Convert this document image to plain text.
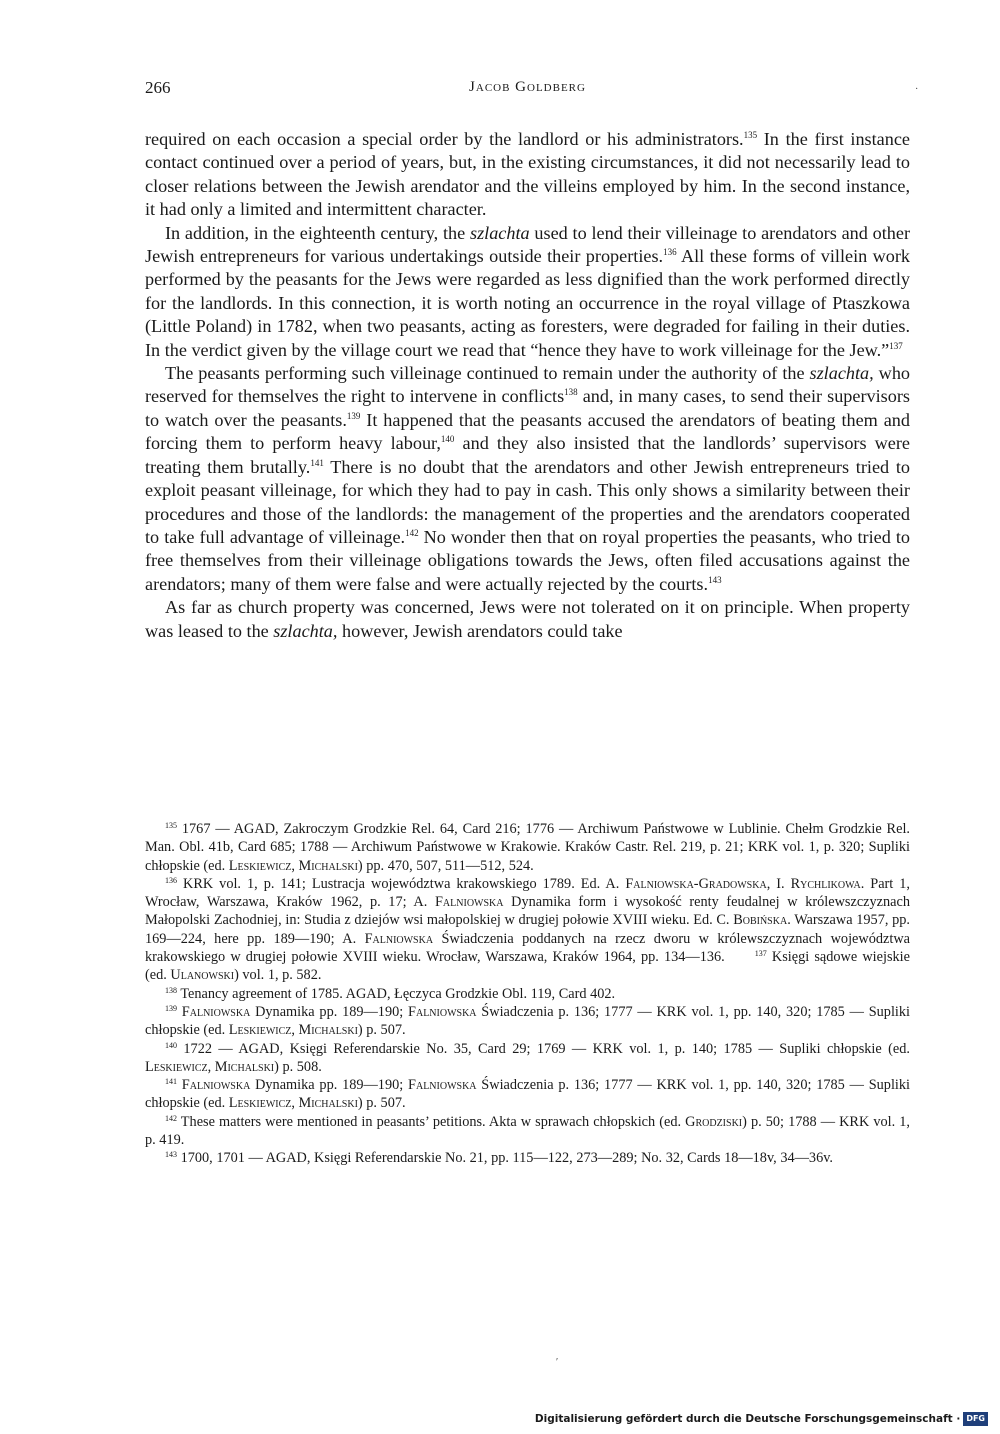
266	Jacob Goldberg	·

required on each occasion a special order by the landlord or his administrators.$^{135}$ In the first instance contact continued over a period of years, but, in the existing circumstances, it did not necessarily lead to closer relations between the Jewish arendator and the villeins employed by him. In the second instance, it had only a limited and intermittent character.

In addition, in the eighteenth century, the szlachta used to lend their villeinage to arendators and other Jewish entrepreneurs for various undertakings outside their properties.$^{136}$ All these forms of villein work performed by the peasants for the Jews were regarded as less dignified than the work performed directly for the landlords. In this connection, it is worth noting an occurrence in the royal village of Ptaszkowa (Little Poland) in 1782, when two peasants, acting as foresters, were degraded for failing in their duties. In the verdict given by the village court we read that “hence they have to work villeinage for the Jew.”$^{137}$

The peasants performing such villeinage continued to remain under the authority of the szlachta, who reserved for themselves the right to intervene in conflicts$^{138}$ and, in many cases, to send their supervisors to watch over the peasants.$^{139}$ It happened that the peasants accused the arendators of beating them and forcing them to perform heavy labour,$^{140}$ and they also insisted that the landlords’ supervisors were treating them brutally.$^{141}$ There is no doubt that the arendators and other Jewish entrepreneurs tried to exploit peasant villeinage, for which they had to pay in cash. This only shows a similarity between their procedures and those of the landlords: the management of the properties and the arendators cooperated to take full advantage of villeinage.$^{142}$ No wonder then that on royal properties the peasants, who tried to free themselves from their villeinage obligations towards the Jews, often filed accusations against the arendators; many of them were false and were actually rejected by the courts.$^{143}$

As far as church property was concerned, Jews were not tolerated on it on principle. When property was leased to the szlachta, however, Jewish arendators could take

$^{135}$ 1767 — AGAD, Zakroczym Grodzkie Rel. 64, Card 216; 1776 — Archiwum Państwowe w Lublinie. Chełm Grodzkie Rel. Man. Obl. 41b, Card 685; 1788 — Archiwum Państwowe w Krakowie. Kraków Castr. Rel. 219, p. 21; KRK vol. 1, p. 320; Supliki chłopskie (ed. Leskiewicz, Michalski) pp. 470, 507, 511—512, 524.

$^{136}$ KRK vol. 1, p. 141; Lustracja województwa krakowskiego 1789. Ed. A. Falniowska-Gradowska, I. Rychlikowa. Part 1, Wrocław, Warszawa, Kraków 1962, p. 17; A. Falniowska Dynamika form i wysokość renty feudalnej w królewszczyznach Małopolski Zachodniej, in: Studia z dziejów wsi małopolskiej w drugiej połowie XVIII wieku. Ed. C. Bobińska. Warszawa 1957, pp. 169—224, here pp. 189—190; A. Falniowska Świadczenia poddanych na rzecz dworu w królewszczyznach województwa krakowskiego w drugiej połowie XVIII wieku. Wrocław, Warszawa, Kraków 1964, pp. 134—136.	$^{137}$ Księgi sądowe wiejskie (ed. Ulanowski) vol. 1, p. 582.

$^{138}$ Tenancy agreement of 1785. AGAD, Łęczyca Grodzkie Obl. 119, Card 402.

$^{139}$ Falniowska Dynamika pp. 189—190; Falniowska Świadczenia p. 136; 1777 — KRK vol. 1, pp. 140, 320; 1785 — Supliki chłopskie (ed. Leskiewicz, Michalski) p. 507.

$^{140}$ 1722 — AGAD, Księgi Referendarskie No. 35, Card 29; 1769 — KRK vol. 1, p. 140; 1785 — Supliki chłopskie (ed. Leskiewicz, Michalski) p. 508.

$^{141}$ Falniowska Dynamika pp. 189—190; Falniowska Świadczenia p. 136; 1777 — KRK vol. 1, pp. 140, 320; 1785 — Supliki chłopskie (ed. Leskiewicz, Michalski) p. 507.

$^{142}$ These matters were mentioned in peasants’ petitions. Akta w sprawach chłopskich (ed. Grodziski) p. 50; 1788 — KRK vol. 1, p. 419.

$^{143}$ 1700, 1701 — AGAD, Księgi Referendarskie No. 21, pp. 115—122, 273—289; No. 32, Cards 18—18v, 34—36v.

ʹ
Digitalisierung gefördert durch die Deutsche Forschungsgemeinschaft · DFG
